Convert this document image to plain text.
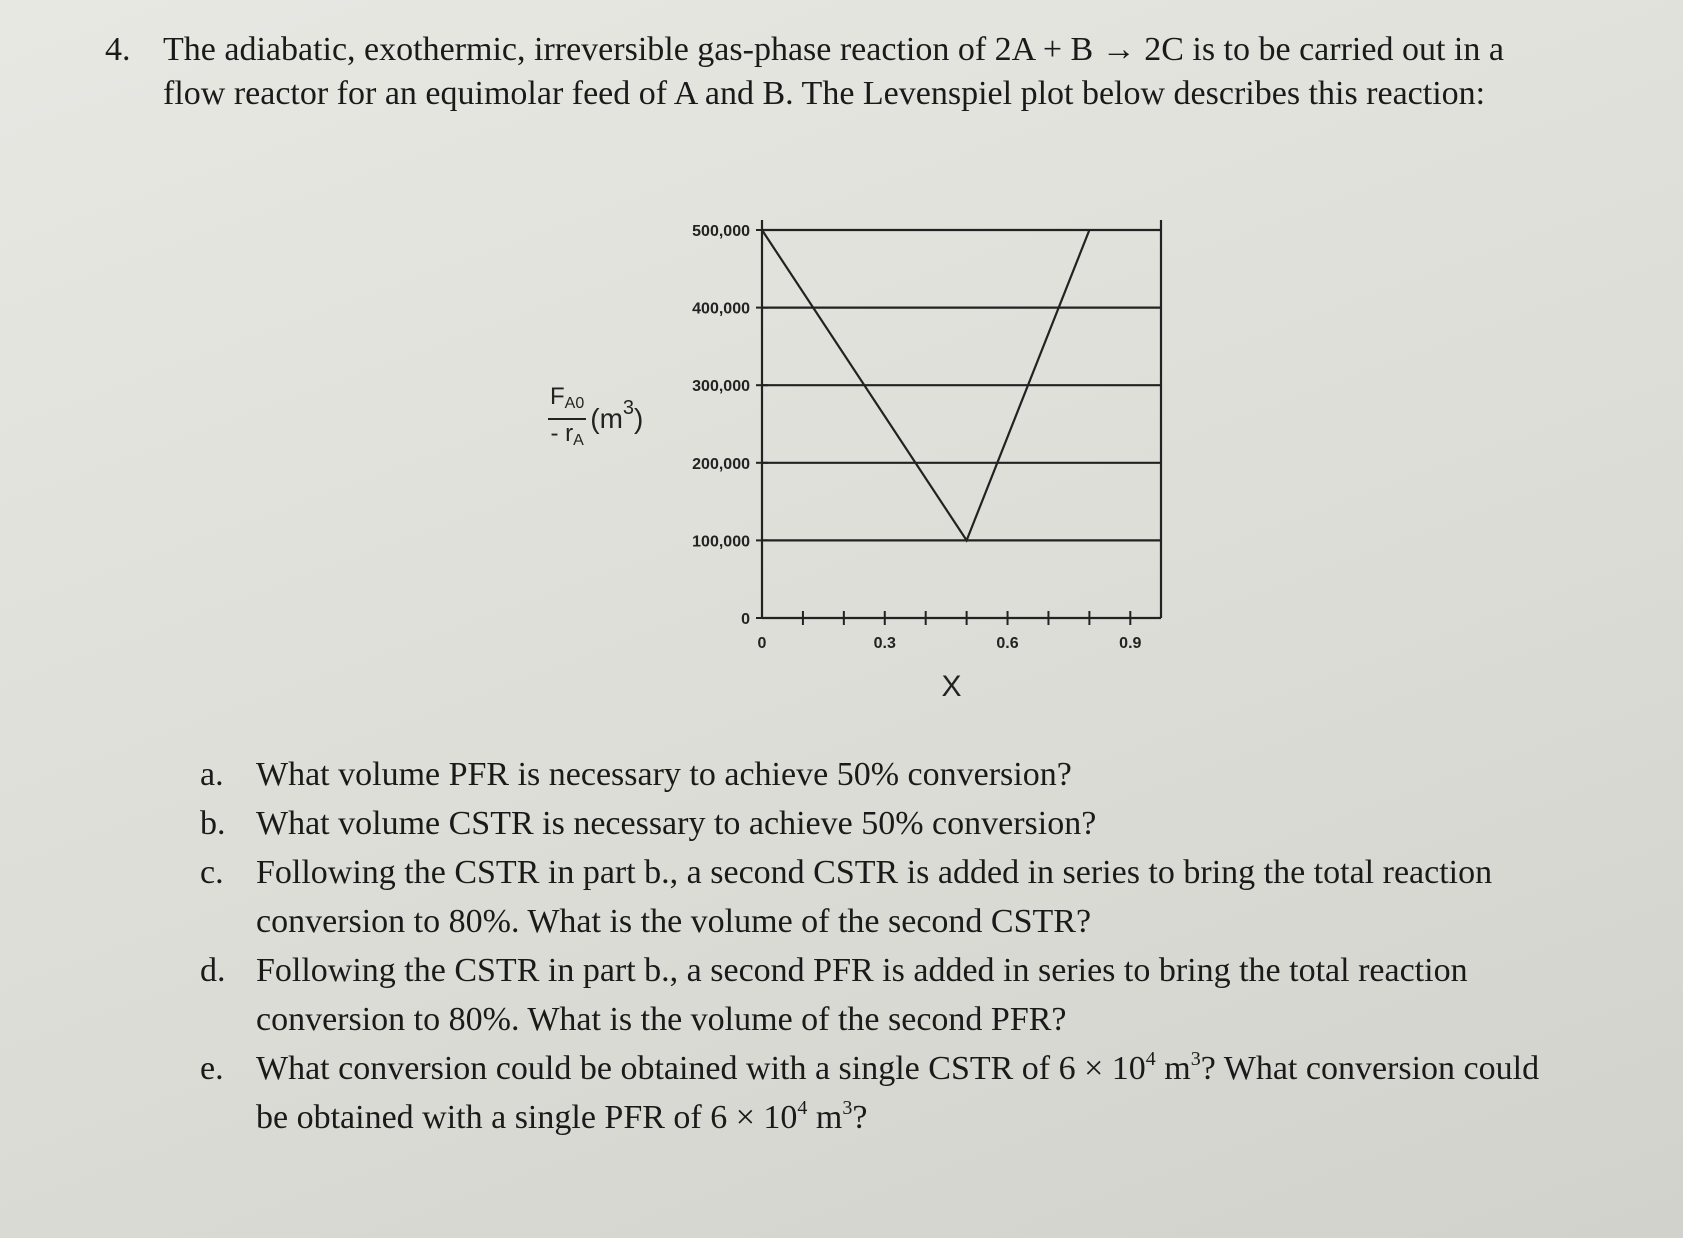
4. The adiabatic, exothermic, irreversible gas-phase reaction of 2A + B → 2C is to be carried out in a flow reactor for an equimolar feed of A and B. The Levenspiel plot below describes this reaction:
$\frac{F_{A0}}{- r_A} (m^3)$
0
100,000
200,000
300,000
400,000
500,000
0	0.3	0.6	0.9
X
a. What volume PFR is necessary to achieve 50% conversion?
b. What volume CSTR is necessary to achieve 50% conversion?
c. Following the CSTR in part b., a second CSTR is added in series to bring the total reaction conversion to 80%. What is the volume of the second CSTR?
d. Following the CSTR in part b., a second PFR is added in series to bring the total reaction conversion to 80%. What is the volume of the second PFR?
e. What conversion could be obtained with a single CSTR of $6 \times 10^4$ $m^3$? What conversion could be obtained with a single PFR of $6 \times 10^4$ $m^3$?
